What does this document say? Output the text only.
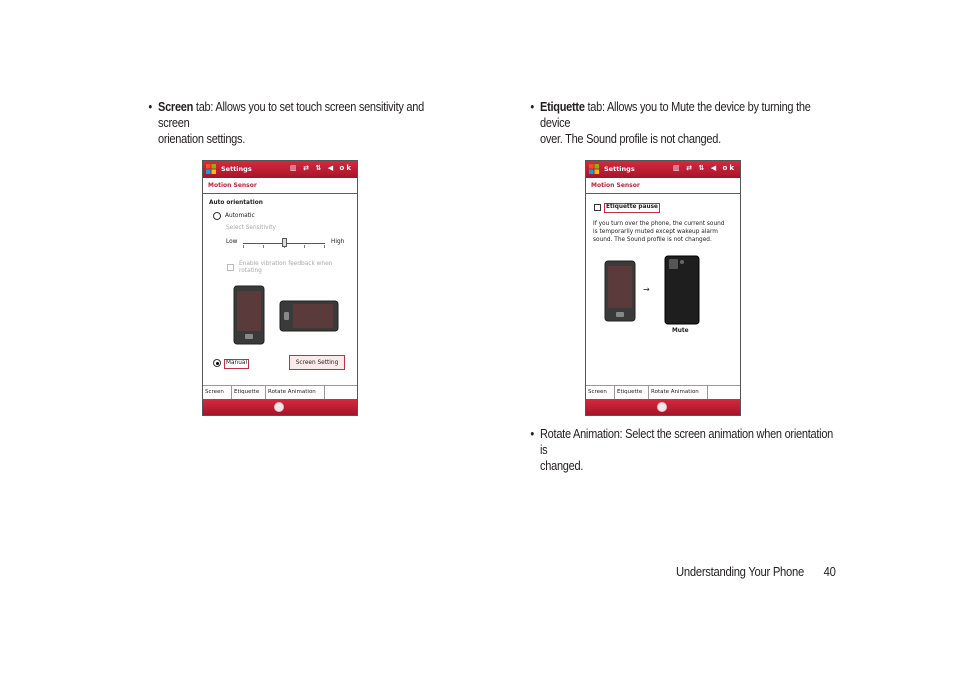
• Screen tab: Allows you to set touch screen sensitivity and screen
orienation settings.
• Etiquette tab: Allows you to Mute the device by turning the device
over. The Sound profile is not changed.
• Rotate Animation: Select the screen animation when orientation is
changed.
Settings	▥ ⇄ ⇅ ◀ ok
Motion Sensor
Auto orientation
Automatic
Select Sensitivity
Low	High
Enable vibration feedback when
rotating
Manual	Screen Setting
Screen	Etiquette	Rotate Animation
Settings	▥ ⇄ ⇅ ◀ ok
Motion Sensor
Etiquette pause
If you turn over the phone, the current sound
is temporarily muted except wakeup alarm
sound. The Sound profile is not changed.
→
Mute
Screen	Etiquette	Rotate Animation
Understanding Your Phone 40
